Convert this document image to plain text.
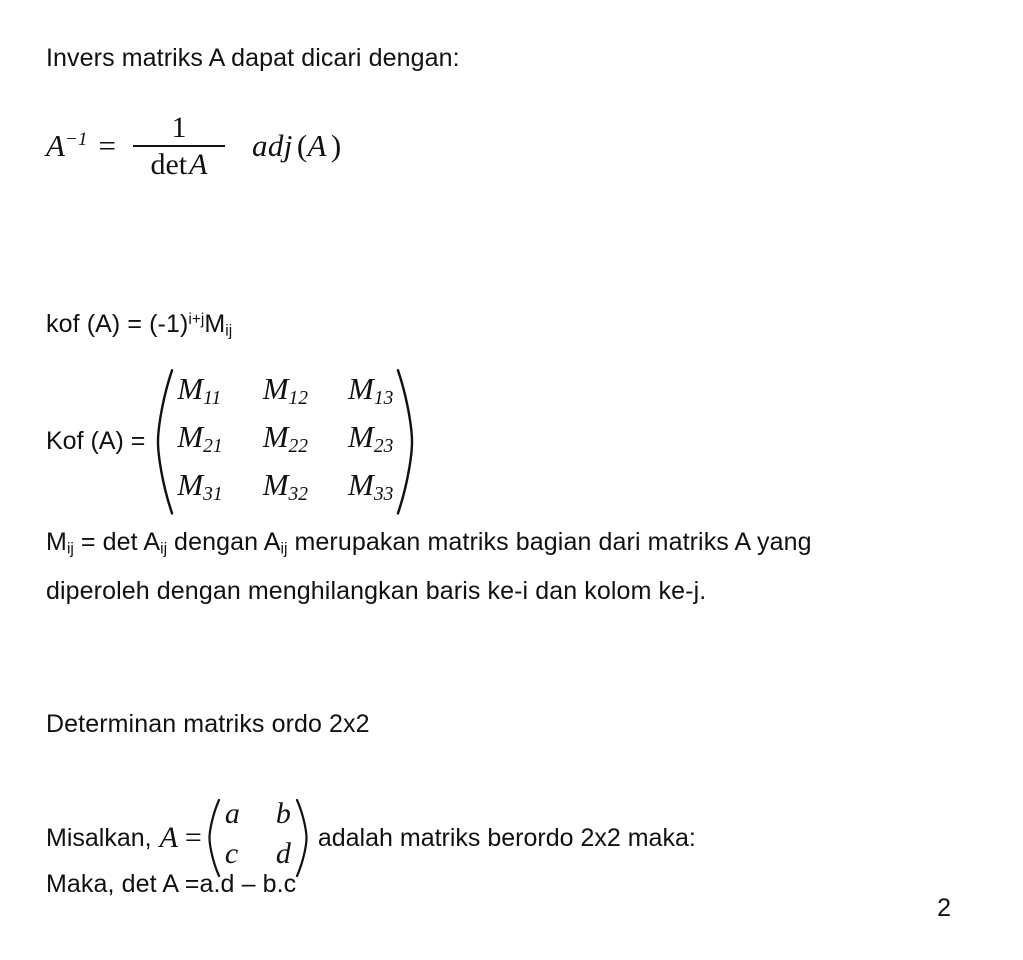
Invers matriks A dapat dicari dengan:
$A^{-1} = \frac{1}{\det A}$ adj (A )
kof $(A) = (-1)^{i+j}M_{ij}$
Kof (A) =
$M_{11}$ $M_{12}$ $M_{13}$
$M_{21}$ $M_{22}$ $M_{23}$
$M_{31}$ $M_{32}$ $M_{33}$
$M_{ij} = \det A_{ij}$ dengan $A_{ij}$ merupakan matriks bagian dari matriks A yang
diperoleh dengan menghilangkan baris ke-i dan kolom ke-j.
Determinan matriks ordo 2x2
Misalkan, A =
a b
c d	adalah matriks berordo 2x2 maka:
Maka, det A =a.d – b.c
2
